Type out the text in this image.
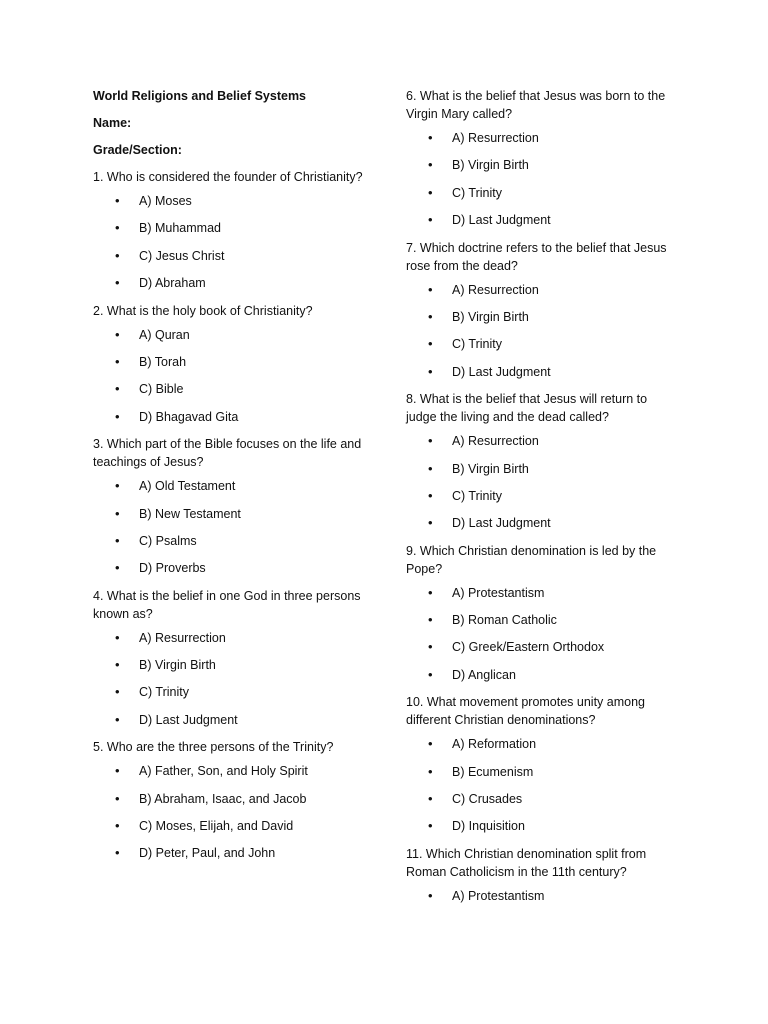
World Religions and Belief Systems
Name:
Grade/Section:
1. Who is considered the founder of Christianity?
• A) Moses
• B) Muhammad
• C) Jesus Christ
• D) Abraham
2. What is the holy book of Christianity?
• A) Quran
• B) Torah
• C) Bible
• D) Bhagavad Gita
3. Which part of the Bible focuses on the life and teachings of Jesus?
• A) Old Testament
• B) New Testament
• C) Psalms
• D) Proverbs
4. What is the belief in one God in three persons known as?
• A) Resurrection
• B) Virgin Birth
• C) Trinity
• D) Last Judgment
5. Who are the three persons of the Trinity?
• A) Father, Son, and Holy Spirit
• B) Abraham, Isaac, and Jacob
• C) Moses, Elijah, and David
• D) Peter, Paul, and John
6. What is the belief that Jesus was born to the Virgin Mary called?
• A) Resurrection
• B) Virgin Birth
• C) Trinity
• D) Last Judgment
7. Which doctrine refers to the belief that Jesus rose from the dead?
• A) Resurrection
• B) Virgin Birth
• C) Trinity
• D) Last Judgment
8. What is the belief that Jesus will return to judge the living and the dead called?
• A) Resurrection
• B) Virgin Birth
• C) Trinity
• D) Last Judgment
9. Which Christian denomination is led by the Pope?
• A) Protestantism
• B) Roman Catholic
• C) Greek/Eastern Orthodox
• D) Anglican
10. What movement promotes unity among different Christian denominations?
• A) Reformation
• B) Ecumenism
• C) Crusades
• D) Inquisition
11. Which Christian denomination split from Roman Catholicism in the 11th century?
• A) Protestantism
